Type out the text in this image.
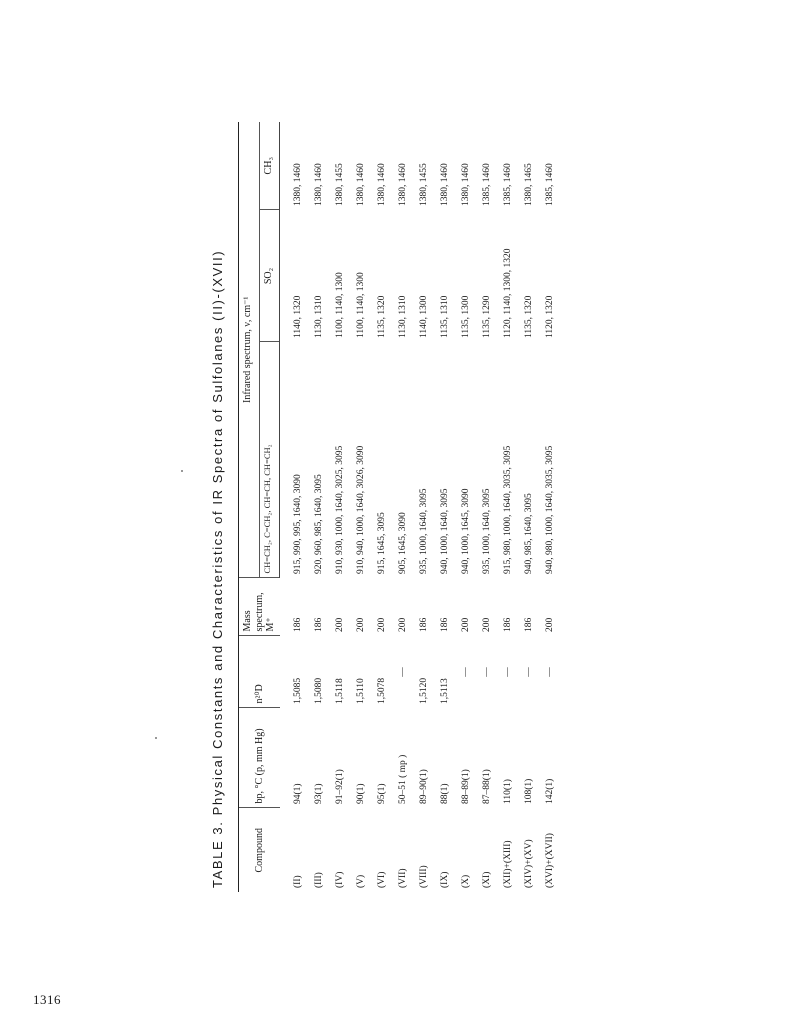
1316
TABLE 3. Physical Constants and Characteristics of IR Spectra of Sulfolanes (II)-(XVII)	Compound	bp, °C (p, mm Hg)	n²⁰D	Mass spectrum, M⁺	Infrared spectrum, ν, cm⁻¹		
				CH=CH₂, C=CH₂, CH=CH, CH=CH₂	SO₂	CH₃
(II)	94(1)	1,5085	186	915, 990, 995, 1640, 3090	1140, 1320	1380, 1460
(III)	93(1)	1,5080	186	920, 960, 985, 1640, 3095	1130, 1310	1380, 1460
(IV)	91–92(1)	1,5118	200	910, 930, 1000, 1640, 3025, 3095	1100, 1140, 1300	1380, 1455
(V)	90(1)	1,5110	200	910, 940, 1000, 1640, 3026, 3090	1100, 1140, 1300	1380, 1460
(VI)	95(1)	1,5078	200	915, 1645, 3095	1135, 1320	1380, 1460
(VII)	50–51 ( mp )	—	200	905, 1645, 3090	1130, 1310	1380, 1460
(VIII)	89–90(1)	1,5120	186	935, 1000, 1640, 3095	1140, 1300	1380, 1455
(IX)	88(1)	1,5113	186	940, 1000, 1640, 3095	1135, 1310	1380, 1460
(X)	88–89(1)	—	200	940, 1000, 1645, 3090	1135, 1300	1380, 1460
(XI)	87–88(1)	—	200	935, 1000, 1640, 3095	1135, 1290	1385, 1460
(XII)+(XIII)	110(1)	—	186	915, 980, 1000, 1640, 3035, 3095	1120, 1140, 1300, 1320	1385, 1460
(XIV)+(XV)	108(1)	—	186	940, 985, 1640, 3095	1135, 1320	1380, 1465
(XVI)+(XVII)	142(1)	—	200	940, 980, 1000, 1640, 3035, 3095	1120, 1320	1385, 1460
